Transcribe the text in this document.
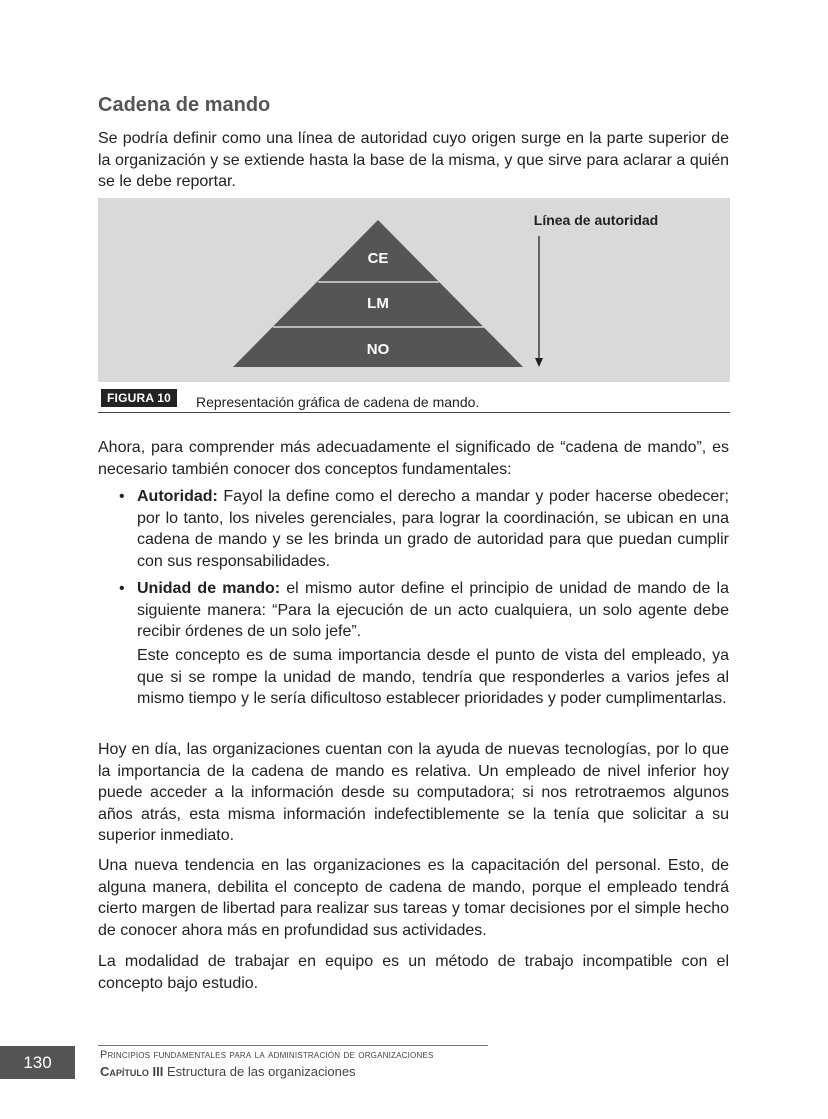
Cadena de mando

Se podría definir como una línea de autoridad cuyo origen surge en la parte superior de la organización y se extiende hasta la base de la misma, y que sirve para aclarar a quién se le debe reportar.

CE
LM
NO
Línea de autoridad
FIGURA 10	Representación gráfica de cadena de mando.

Ahora, para comprender más adecuadamente el significado de “cadena de mando”, es necesario también conocer dos conceptos fundamentales:

• Autoridad: Fayol la define como el derecho a mandar y poder hacerse obedecer; por lo tanto, los niveles gerenciales, para lograr la coordinación, se ubican en una cadena de mando y se les brinda un grado de autoridad para que puedan cumplir con sus responsabilidades.

• Unidad de mando: el mismo autor define el principio de unidad de mando de la siguiente manera: “Para la ejecución de un acto cualquiera, un solo agente debe recibir órdenes de un solo jefe”.

Este concepto es de suma importancia desde el punto de vista del empleado, ya que si se rompe la unidad de mando, tendría que responderles a varios jefes al mismo tiempo y le sería dificultoso establecer prioridades y poder cumplimentarlas.

Hoy en día, las organizaciones cuentan con la ayuda de nuevas tecnologías, por lo que la importancia de la cadena de mando es relativa. Un empleado de nivel inferior hoy puede acceder a la información desde su computadora; si nos retrotraemos algunos años atrás, esta misma información indefectiblemente se la tenía que solicitar a su superior inmediato.

Una nueva tendencia en las organizaciones es la capacitación del personal. Esto, de alguna manera, debilita el concepto de cadena de mando, porque el empleado tendrá cierto margen de libertad para realizar sus tareas y tomar decisiones por el simple hecho de conocer ahora más en profundidad sus actividades.

La modalidad de trabajar en equipo es un método de trabajo incompatible con el concepto bajo estudio.

130	Principios fundamentales para la administración de organizaciones
Capítulo III Estructura de las organizaciones
